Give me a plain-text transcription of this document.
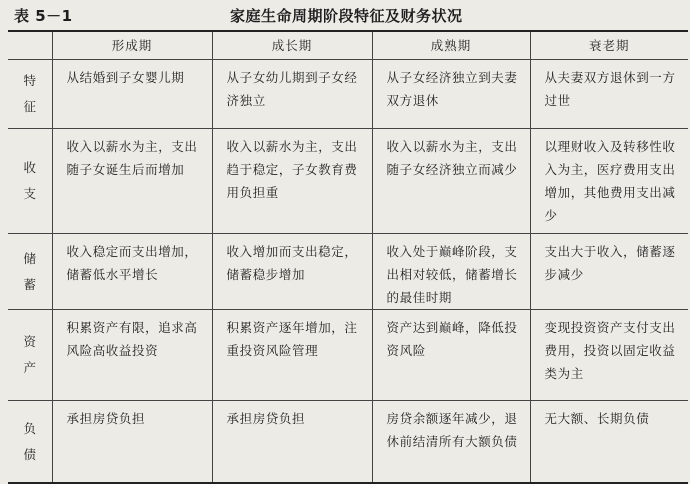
表 5－1	家庭生命周期阶段特征及财务状况
	形成期	成长期	成熟期	衰老期
特征	从结婚到子女婴儿期	从子女幼儿期到子女经济独立	从子女经济独立到夫妻双方退休	从夫妻双方退休到一方过世
收支	收入以薪水为主，支出随子女诞生后而增加	收入以薪水为主，支出趋于稳定，子女教育费用负担重	收入以薪水为主，支出随子女经济独立而减少	以理财收入及转移性收入为主，医疗费用支出增加，其他费用支出减少
储蓄	收入稳定而支出增加，储蓄低水平增长	收入增加而支出稳定，储蓄稳步增加	收入处于巅峰阶段，支出相对较低，储蓄增长的最佳时期	支出大于收入，储蓄逐步减少
资产	积累资产有限，追求高风险高收益投资	积累资产逐年增加，注重投资风险管理	资产达到巅峰，降低投资风险	变现投资资产支付支出费用，投资以固定收益类为主
负债	承担房贷负担	承担房贷负担	房贷余额逐年减少，退休前结清所有大额负债	无大额、长期负债
